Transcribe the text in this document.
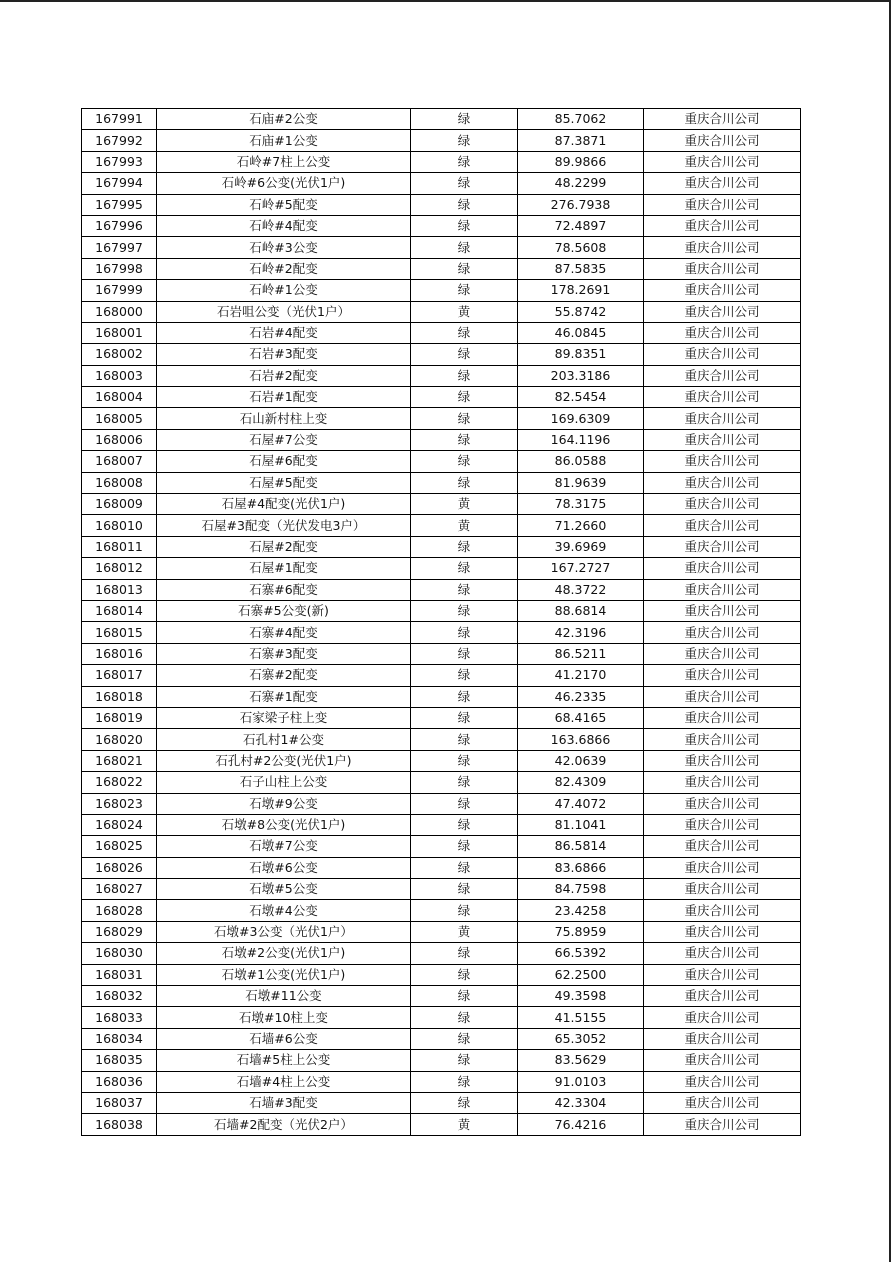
167991	石庙#2公变	绿	85.7062	重庆合川公司
167992	石庙#1公变	绿	87.3871	重庆合川公司
167993	石岭#7柱上公变	绿	89.9866	重庆合川公司
167994	石岭#6公变(光伏1户)	绿	48.2299	重庆合川公司
167995	石岭#5配变	绿	276.7938	重庆合川公司
167996	石岭#4配变	绿	72.4897	重庆合川公司
167997	石岭#3公变	绿	78.5608	重庆合川公司
167998	石岭#2配变	绿	87.5835	重庆合川公司
167999	石岭#1公变	绿	178.2691	重庆合川公司
168000	石岩咀公变（光伏1户）	黄	55.8742	重庆合川公司
168001	石岩#4配变	绿	46.0845	重庆合川公司
168002	石岩#3配变	绿	89.8351	重庆合川公司
168003	石岩#2配变	绿	203.3186	重庆合川公司
168004	石岩#1配变	绿	82.5454	重庆合川公司
168005	石山新村柱上变	绿	169.6309	重庆合川公司
168006	石屋#7公变	绿	164.1196	重庆合川公司
168007	石屋#6配变	绿	86.0588	重庆合川公司
168008	石屋#5配变	绿	81.9639	重庆合川公司
168009	石屋#4配变(光伏1户)	黄	78.3175	重庆合川公司
168010	石屋#3配变（光伏发电3户）	黄	71.2660	重庆合川公司
168011	石屋#2配变	绿	39.6969	重庆合川公司
168012	石屋#1配变	绿	167.2727	重庆合川公司
168013	石寨#6配变	绿	48.3722	重庆合川公司
168014	石寨#5公变(新)	绿	88.6814	重庆合川公司
168015	石寨#4配变	绿	42.3196	重庆合川公司
168016	石寨#3配变	绿	86.5211	重庆合川公司
168017	石寨#2配变	绿	41.2170	重庆合川公司
168018	石寨#1配变	绿	46.2335	重庆合川公司
168019	石家梁子柱上变	绿	68.4165	重庆合川公司
168020	石孔村1#公变	绿	163.6866	重庆合川公司
168021	石孔村#2公变(光伏1户)	绿	42.0639	重庆合川公司
168022	石子山柱上公变	绿	82.4309	重庆合川公司
168023	石墩#9公变	绿	47.4072	重庆合川公司
168024	石墩#8公变(光伏1户)	绿	81.1041	重庆合川公司
168025	石墩#7公变	绿	86.5814	重庆合川公司
168026	石墩#6公变	绿	83.6866	重庆合川公司
168027	石墩#5公变	绿	84.7598	重庆合川公司
168028	石墩#4公变	绿	23.4258	重庆合川公司
168029	石墩#3公变（光伏1户）	黄	75.8959	重庆合川公司
168030	石墩#2公变(光伏1户)	绿	66.5392	重庆合川公司
168031	石墩#1公变(光伏1户)	绿	62.2500	重庆合川公司
168032	石墩#11公变	绿	49.3598	重庆合川公司
168033	石墩#10柱上变	绿	41.5155	重庆合川公司
168034	石墙#6公变	绿	65.3052	重庆合川公司
168035	石墙#5柱上公变	绿	83.5629	重庆合川公司
168036	石墙#4柱上公变	绿	91.0103	重庆合川公司
168037	石墙#3配变	绿	42.3304	重庆合川公司
168038	石墙#2配变（光伏2户）	黄	76.4216	重庆合川公司
